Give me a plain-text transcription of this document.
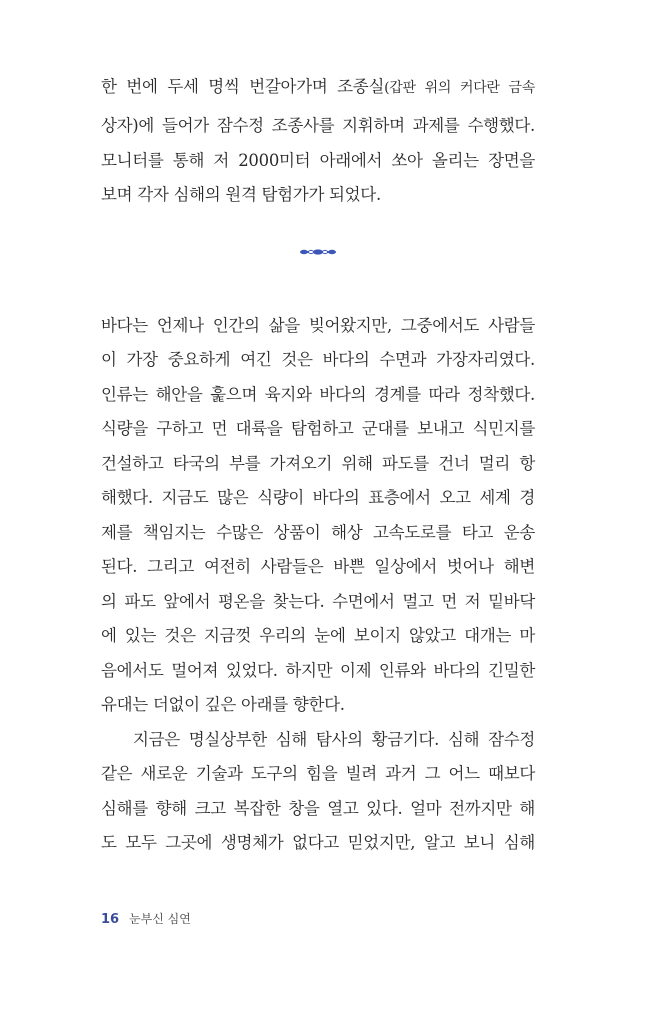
한 번에 두세 명씩 번갈아가며 조종실(갑판 위의 커다란 금속
상자)에 들어가 잠수정 조종사를 지휘하며 과제를 수행했다.
모니터를 통해 저 2000미터 아래에서 쏘아 올리는 장면을
보며 각자 심해의 원격 탐험가가 되었다.
바다는 언제나 인간의 삶을 빚어왔지만, 그중에서도 사람들
이 가장 중요하게 여긴 것은 바다의 수면과 가장자리였다.
인류는 해안을 훑으며 육지와 바다의 경계를 따라 정착했다.
식량을 구하고 먼 대륙을 탐험하고 군대를 보내고 식민지를
건설하고 타국의 부를 가져오기 위해 파도를 건너 멀리 항
해했다. 지금도 많은 식량이 바다의 표층에서 오고 세계 경
제를 책임지는 수많은 상품이 해상 고속도로를 타고 운송
된다. 그리고 여전히 사람들은 바쁜 일상에서 벗어나 해변
의 파도 앞에서 평온을 찾는다. 수면에서 멀고 먼 저 밑바닥
에 있는 것은 지금껏 우리의 눈에 보이지 않았고 대개는 마
음에서도 멀어져 있었다. 하지만 이제 인류와 바다의 긴밀한
유대는 더없이 깊은 아래를 향한다.
지금은 명실상부한 심해 탐사의 황금기다. 심해 잠수정
같은 새로운 기술과 도구의 힘을 빌려 과거 그 어느 때보다
심해를 향해 크고 복잡한 창을 열고 있다. 얼마 전까지만 해
도 모두 그곳에 생명체가 없다고 믿었지만, 알고 보니 심해
16 눈부신 심연
